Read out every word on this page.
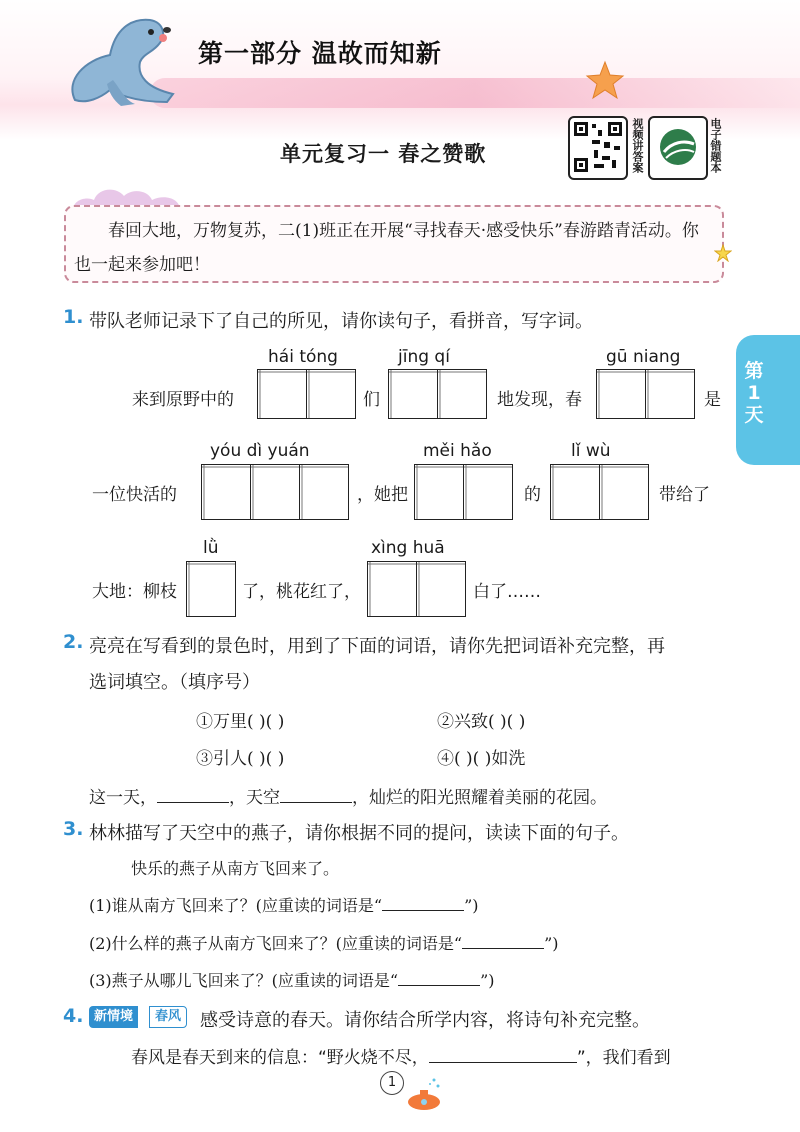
第一部分 温故而知新
单元复习一 春之赞歌	视频讲答案	电子错题本
春回大地，万物复苏，二(1)班正在开展“寻找春天·感受快乐”春游踏青活动。你也一起来参加吧！
第1天
1. 带队老师记录下了自己的所见，请你读句子，看拼音，写字词。
hái tóng	jīng qí	gū niang
来到原野中的	们	地发现，春	是
yóu dì yuán	měi hǎo	lǐ wù
一位快活的	，她把	的	带给了
lǜ	xìng huā
大地：柳枝	了，桃花红了，	白了……
2. 亮亮在写看到的景色时，用到了下面的词语，请你先把词语补充完整，再
选词填空。（填序号）
①万里( )( )	②兴致( )( )
③引人( )( )	④( )( )如洗
这一天，	，天空	，灿烂的阳光照耀着美丽的花园。
3. 林林描写了天空中的燕子，请你根据不同的提问，读读下面的句子。
快乐的燕子从南方飞回来了。
(1)谁从南方飞回来了？(应重读的词语是“	”)
(2)什么样的燕子从南方飞回来了？(应重读的词语是“	”)
(3)燕子从哪儿飞回来了？(应重读的词语是“	”)
4. 新情境	春风	感受诗意的春天。请你结合所学内容，将诗句补充完整。
春风是春天到来的信息：“野火烧不尽，	”，我们看到
1
